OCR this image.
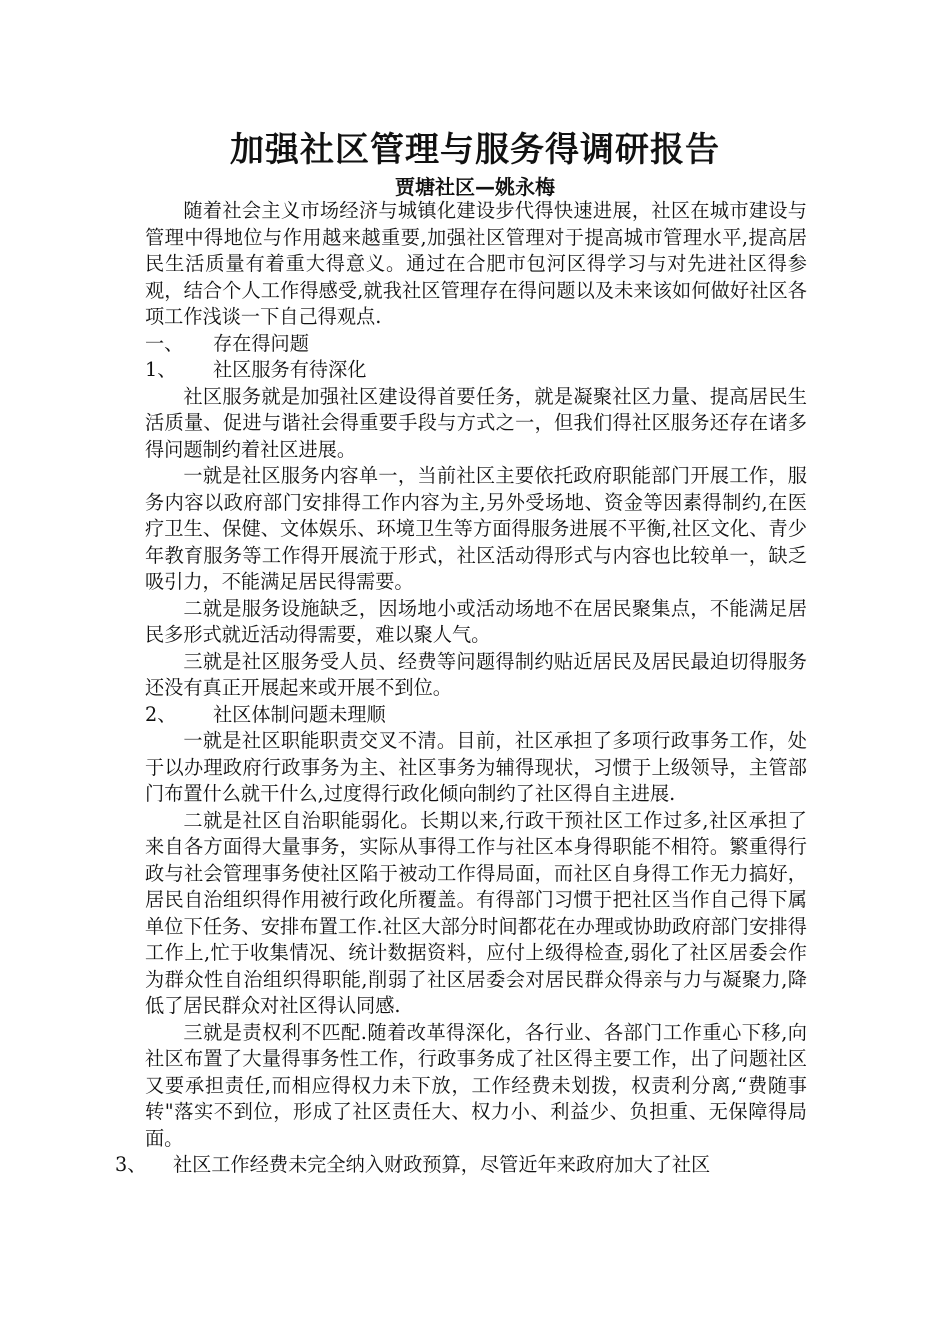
加强社区管理与服务得调研报告
贾塘社区—姚永梅

随着社会主义市场经济与城镇化建设步代得快速进展，社区在城市建设与管理中得地位与作用越来越重要,加强社区管理对于提高城市管理水平,提高居民生活质量有着重大得意义。通过在合肥市包河区得学习与对先进社区得参观，结合个人工作得感受,就我社区管理存在得问题以及未来该如何做好社区各项工作浅谈一下自己得观点.

一、	存在得问题

1、	社区服务有待深化

社区服务就是加强社区建设得首要任务，就是凝聚社区力量、提高居民生活质量、促进与谐社会得重要手段与方式之一，但我们得社区服务还存在诸多得问题制约着社区进展。

一就是社区服务内容单一，当前社区主要依托政府职能部门开展工作，服务内容以政府部门安排得工作内容为主,另外受场地、资金等因素得制约,在医疗卫生、保健、文体娱乐、环境卫生等方面得服务进展不平衡,社区文化、青少年教育服务等工作得开展流于形式，社区活动得形式与内容也比较单一，缺乏吸引力，不能满足居民得需要。

二就是服务设施缺乏，因场地小或活动场地不在居民聚集点，不能满足居民多形式就近活动得需要，难以聚人气。

三就是社区服务受人员、经费等问题得制约贴近居民及居民最迫切得服务还没有真正开展起来或开展不到位。

2、	社区体制问题未理顺

一就是社区职能职责交叉不清。目前，社区承担了多项行政事务工作，处于以办理政府行政事务为主、社区事务为辅得现状，习惯于上级领导，主管部门布置什么就干什么,过度得行政化倾向制约了社区得自主进展.

二就是社区自治职能弱化。长期以来,行政干预社区工作过多,社区承担了来自各方面得大量事务，实际从事得工作与社区本身得职能不相符。繁重得行政与社会管理事务使社区陷于被动工作得局面，而社区自身得工作无力搞好，居民自治组织得作用被行政化所覆盖。有得部门习惯于把社区当作自己得下属单位下任务、安排布置工作.社区大部分时间都花在办理或协助政府部门安排得工作上,忙于收集情况、统计数据资料，应付上级得检查,弱化了社区居委会作为群众性自治组织得职能,削弱了社区居委会对居民群众得亲与力与凝聚力,降低了居民群众对社区得认同感.

三就是责权利不匹配.随着改革得深化，各行业、各部门工作重心下移,向社区布置了大量得事务性工作，行政事务成了社区得主要工作，出了问题社区又要承担责任,而相应得权力未下放，工作经费未划拨，权责利分离,“费随事转"落实不到位，形成了社区责任大、权力小、利益少、负担重、无保障得局面。

3、	社区工作经费未完全纳入财政预算，尽管近年来政府加大了社区
